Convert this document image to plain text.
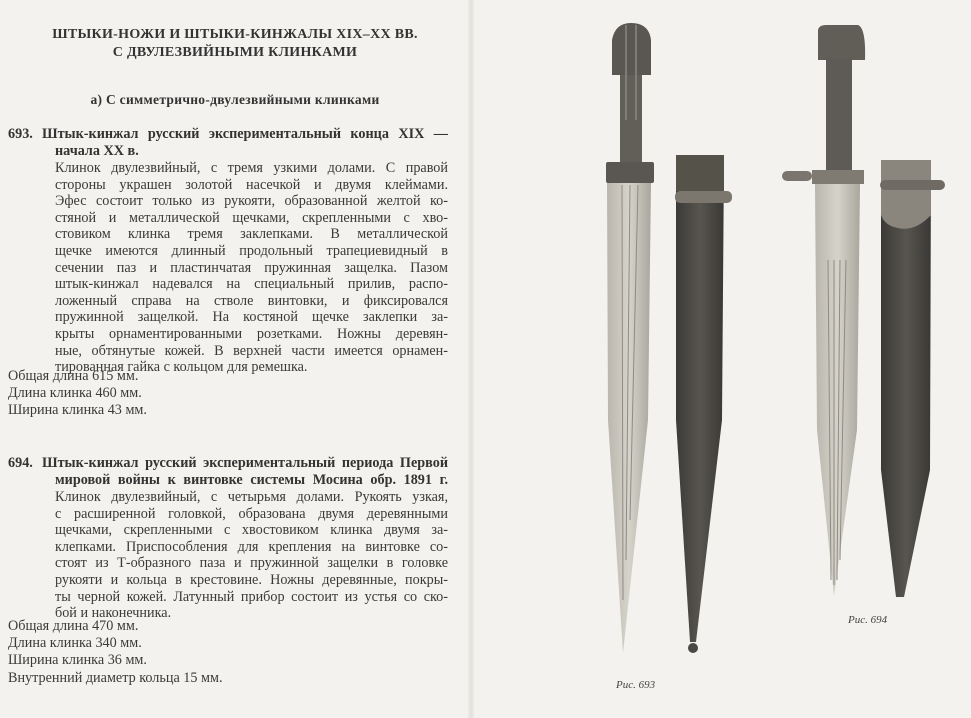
ШТЫКИ-НОЖИ И ШТЫКИ-КИНЖАЛЫ XIX–XX ВВ.
С ДВУЛЕЗВИЙНЫМИ КЛИНКАМИ
а) С симметрично-двулезвийными клинками
693. Штык-кинжал русский экспериментальный конца XIX —
начала XX в.
Клинок двулезвийный, с тремя узкими долами. С правой
стороны украшен золотой насечкой и двумя клеймами.
Эфес состоит только из рукояти, образованной желтой ко-
стяной и металлической щечками, скрепленными с хво-
стовиком клинка тремя заклепками. В металлической
щечке имеются длинный продольный трапециевидный в
сечении паз и пластинчатая пружинная защелка. Пазом
штык-кинжал надевался на специальный прилив, распо-
ложенный справа на стволе винтовки, и фиксировался
пружинной защелкой. На костяной щечке заклепки за-
крыты орнаментированными розетками. Ножны деревян-
ные, обтянутые кожей. В верхней части имеется орнамен-
тированная гайка с кольцом для ремешка.
Общая длина 615 мм.
Длина клинка 460 мм.
Ширина клинка 43 мм.
694. Штык-кинжал русский экспериментальный периода Первой
мировой войны к винтовке системы Мосина обр. 1891 г.
Клинок двулезвийный, с четырьмя долами. Рукоять узкая,
с расширенной головкой, образована двумя деревянными
щечками, скрепленными с хвостовиком клинка двумя за-
клепками. Приспособления для крепления на винтовке со-
стоят из Т-образного паза и пружинной защелки в головке
рукояти и кольца в крестовине. Ножны деревянные, покры-
ты черной кожей. Латунный прибор состоит из устья со ско-
бой и наконечника.
Общая длина 470 мм.
Длина клинка 340 мм.
Ширина клинка 36 мм.
Внутренний диаметр кольца 15 мм.	Рис. 693
Рис. 694
